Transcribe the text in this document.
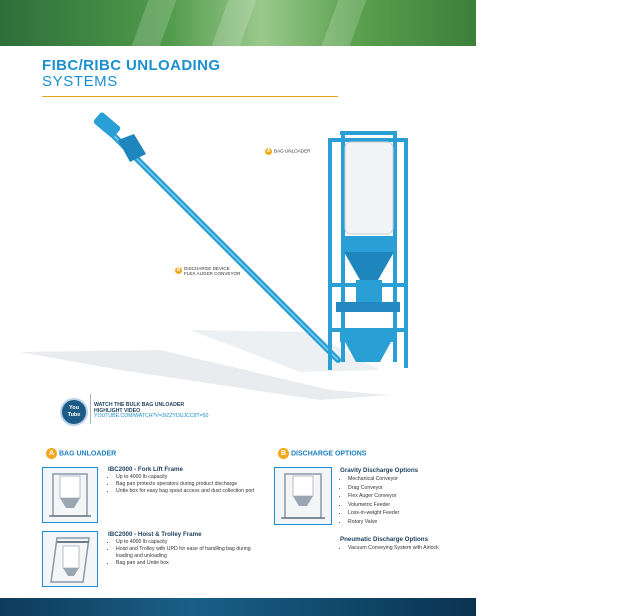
FIBC/RIBC UNLOADING
SYSTEMS
A BAG UNLOADER
B DISCHARGE DEVICE
FLEX AUGER CONVEYOR
You
Tube
WATCH THE BULK BAG UNLOADER
HIGHLIGHT VIDEO
YOUTUBE.COM/WATCH?V=3IZZYDUJCC8T=50
A BAG UNLOADER
IBC2000 - Fork Lift Frame
• Up to 4000 lb capacity
• Bag pan protects operators during product discharge
• Untie box for easy bag spout access and dust collection port
IBC2000 - Hoist & Trolley Frame
• Up to 4000 lb capacity
• Hoist and Trolley with UPD for ease of handling bag during loading and unloading
• Bag pan and Untie box
B DISCHARGE OPTIONS
Gravity Discharge Options
• Mechanical Conveyor
• Drag Conveyor
• Flex Auger Conveyor
• Volumetric Feeder
• Loss-in-weight Feeder
• Rotary Valve
Pneumatic Discharge Options
• Vacuum Conveying System with Airlock
